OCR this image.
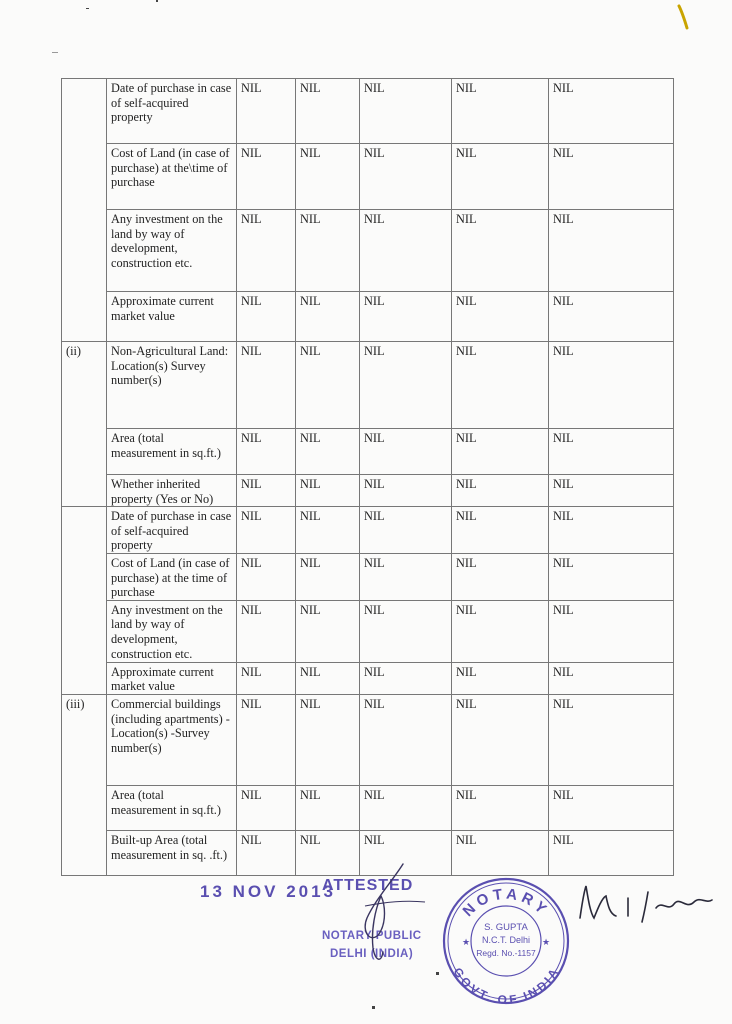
	Date of purchase in case of self-acquired property	NIL	NIL	NIL	NIL	NIL
	Cost of Land (in case of purchase) at the\time of purchase	NIL	NIL	NIL	NIL	NIL
	Any investment on the land by way of development, construction etc.	NIL	NIL	NIL	NIL	NIL
	Approximate current market value	NIL	NIL	NIL	NIL	NIL
(ii)	Non-Agricultural Land: Location(s) Survey number(s)	NIL	NIL	NIL	NIL	NIL
	Area (total measurement in sq.ft.)	NIL	NIL	NIL	NIL	NIL
	Whether inherited property (Yes or No)	NIL	NIL	NIL	NIL	NIL
	Date of purchase in case of self-acquired property	NIL	NIL	NIL	NIL	NIL
	Cost of Land (in case of purchase) at the time of purchase	NIL	NIL	NIL	NIL	NIL
	Any investment on the land by way of development, construction etc.	NIL	NIL	NIL	NIL	NIL
	Approximate current market value	NIL	NIL	NIL	NIL	NIL
(iii)	Commercial buildings (including apartments) -Location(s) -Survey number(s)	NIL	NIL	NIL	NIL	NIL
	Area (total measurement in sq.ft.)	NIL	NIL	NIL	NIL	NIL
	Built-up Area (total measurement in sq. .ft.)	NIL	NIL	NIL	NIL	NIL
13 NOV 2013
ATTESTED
NOTARY PUBLIC
DELHI (INDIA)
NOTARY
GOVT. OF INDIA
S. GUPTA
N.C.T. Delhi
Regd. No.-1157
★	★
